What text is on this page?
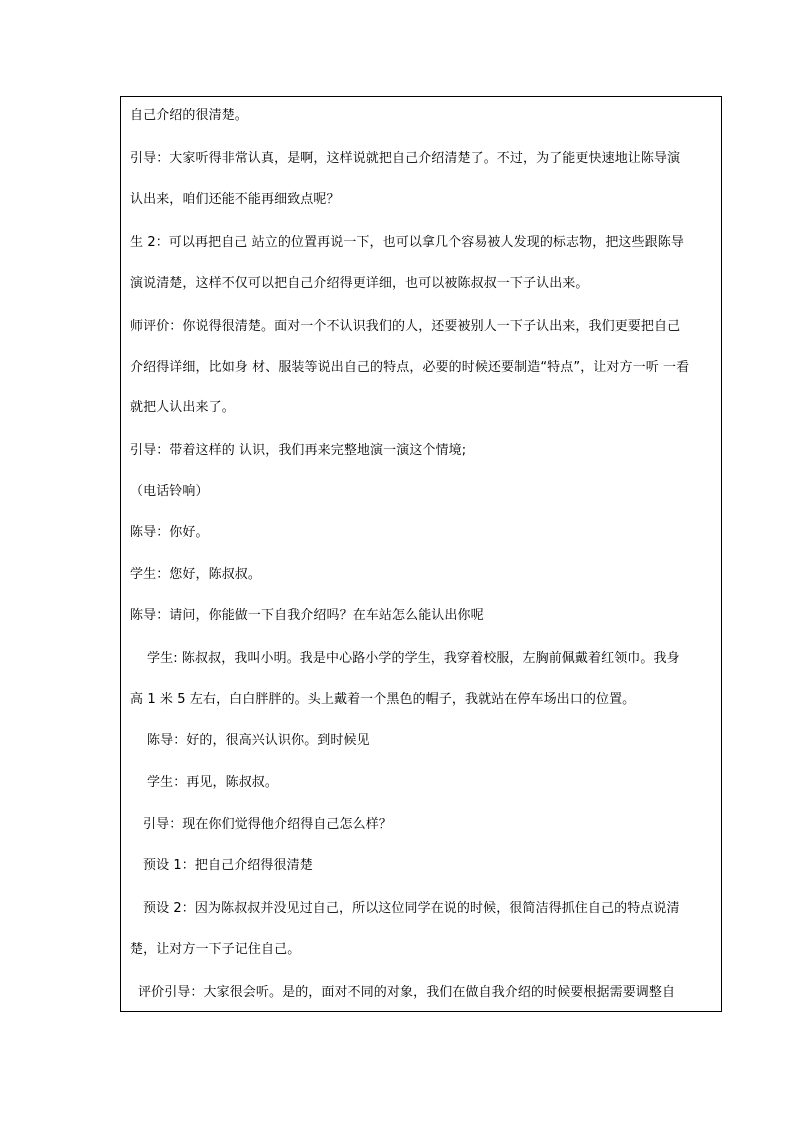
自己介绍的很清楚。

引导：大家听得非常认真，是啊，这样说就把自己介绍清楚了。不过，为了能更快速地让陈导演

认出来，咱们还能不能再细致点呢？

生 2：可以再把自己 站立的位置再说一下，也可以拿几个容易被人发现的标志物，把这些跟陈导

演说清楚，这样不仅可以把自己介绍得更详细，也可以被陈叔叔一下子认出来。

师评价：你说得很清楚。面对一个不认识我们的人，还要被别人一下子认出来，我们更要把自己

介绍得详细，比如身 材、服装等说出自己的特点，必要的时候还要制造“特点”，让对方一听 一看

就把人认出来了。

引导：带着这样的 认识，我们再来完整地演一演这个情境;

（电话铃响）

陈导：你好。

学生：您好，陈叔叔。

陈导：请问，你能做一下自我介绍吗？在车站怎么能认出你呢

学生: 陈叔叔，我叫小明。我是中心路小学的学生，我穿着校服，左胸前佩戴着红领巾。我身

高 1 米 5 左右，白白胖胖的。头上戴着一个黑色的帽子，我就站在停车场出口的位置。

陈导：好的，很高兴认识你。到时候见

学生：再见，陈叔叔。

引导：现在你们觉得他介绍得自己怎么样？

预设 1：把自己介绍得很清楚

预设 2：因为陈叔叔并没见过自己，所以这位同学在说的时候，很简洁得抓住自己的特点说清

楚，让对方一下子记住自己。

评价引导：大家很会听。是的，面对不同的对象，我们在做自我介绍的时候要根据需要调整自
